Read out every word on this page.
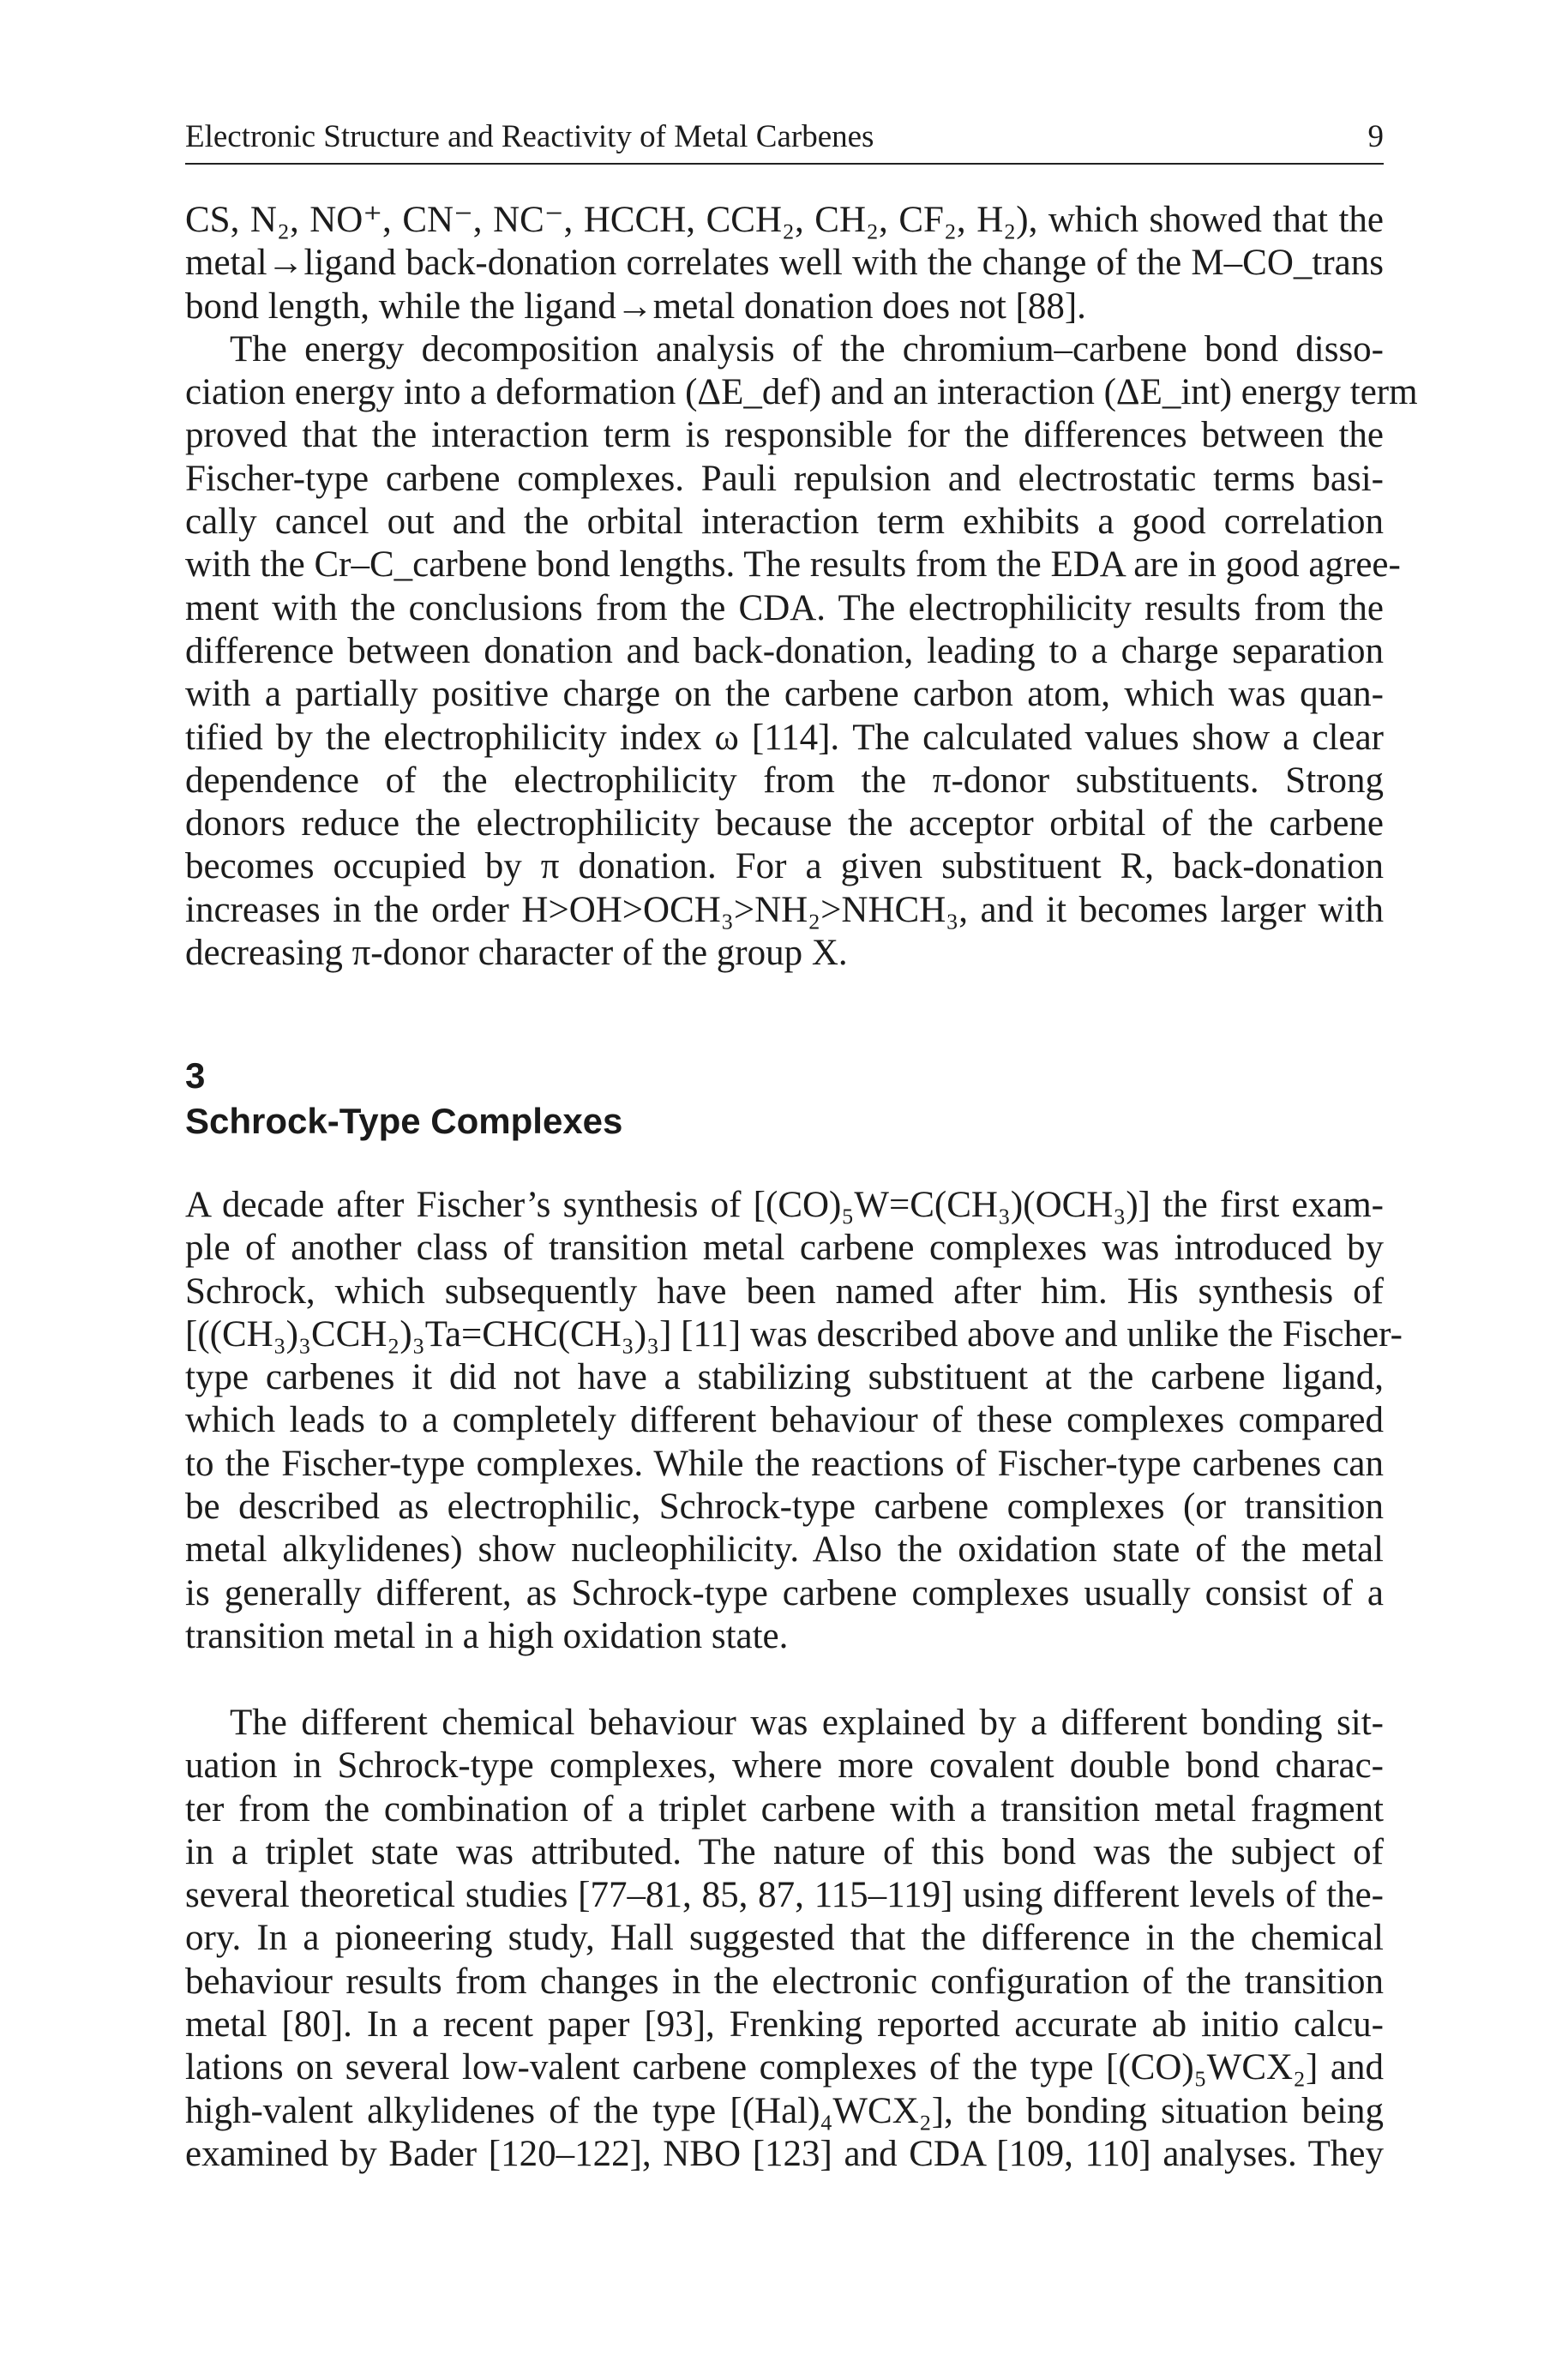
Electronic Structure and Reactivity of Metal Carbenes	9

CS, N₂, NO⁺, CN⁻, NC⁻, HCCH, CCH₂, CH₂, CF₂, H₂), which showed that the
metal→ligand back-donation correlates well with the change of the M–CO_trans
bond length, while the ligand→metal donation does not [88].

The energy decomposition analysis of the chromium–carbene bond disso-
ciation energy into a deformation (ΔE_def) and an interaction (ΔE_int) energy term
proved that the interaction term is responsible for the differences between the
Fischer-type carbene complexes. Pauli repulsion and electrostatic terms basi-
cally cancel out and the orbital interaction term exhibits a good correlation
with the Cr–C_carbene bond lengths. The results from the EDA are in good agree-
ment with the conclusions from the CDA. The electrophilicity results from the
difference between donation and back-donation, leading to a charge separation
with a partially positive charge on the carbene carbon atom, which was quan-
tified by the electrophilicity index ω [114]. The calculated values show a clear
dependence of the electrophilicity from the π-donor substituents. Strong
donors reduce the electrophilicity because the acceptor orbital of the carbene
becomes occupied by π donation. For a given substituent R, back-donation
increases in the order H>OH>OCH₃>NH₂>NHCH₃, and it becomes larger with
decreasing π-donor character of the group X.

3
Schrock-Type Complexes
A decade after Fischer’s synthesis of [(CO)₅W=C(CH₃)(OCH₃)] the first exam-
ple of another class of transition metal carbene complexes was introduced by
Schrock, which subsequently have been named after him. His synthesis of
[((CH₃)₃CCH₂)₃Ta=CHC(CH₃)₃] [11] was described above and unlike the Fischer-
type carbenes it did not have a stabilizing substituent at the carbene ligand,
which leads to a completely different behaviour of these complexes compared
to the Fischer-type complexes. While the reactions of Fischer-type carbenes can
be described as electrophilic, Schrock-type carbene complexes (or transition
metal alkylidenes) show nucleophilicity. Also the oxidation state of the metal
is generally different, as Schrock-type carbene complexes usually consist of a
transition metal in a high oxidation state.
The different chemical behaviour was explained by a different bonding sit-
uation in Schrock-type complexes, where more covalent double bond charac-
ter from the combination of a triplet carbene with a transition metal fragment
in a triplet state was attributed. The nature of this bond was the subject of
several theoretical studies [77–81, 85, 87, 115–119] using different levels of the-
ory. In a pioneering study, Hall suggested that the difference in the chemical
behaviour results from changes in the electronic configuration of the transition
metal [80]. In a recent paper [93], Frenking reported accurate ab initio calcu-
lations on several low-valent carbene complexes of the type [(CO)₅WCX₂] and
high-valent alkylidenes of the type [(Hal)₄WCX₂], the bonding situation being
examined by Bader [120–122], NBO [123] and CDA [109, 110] analyses. They
